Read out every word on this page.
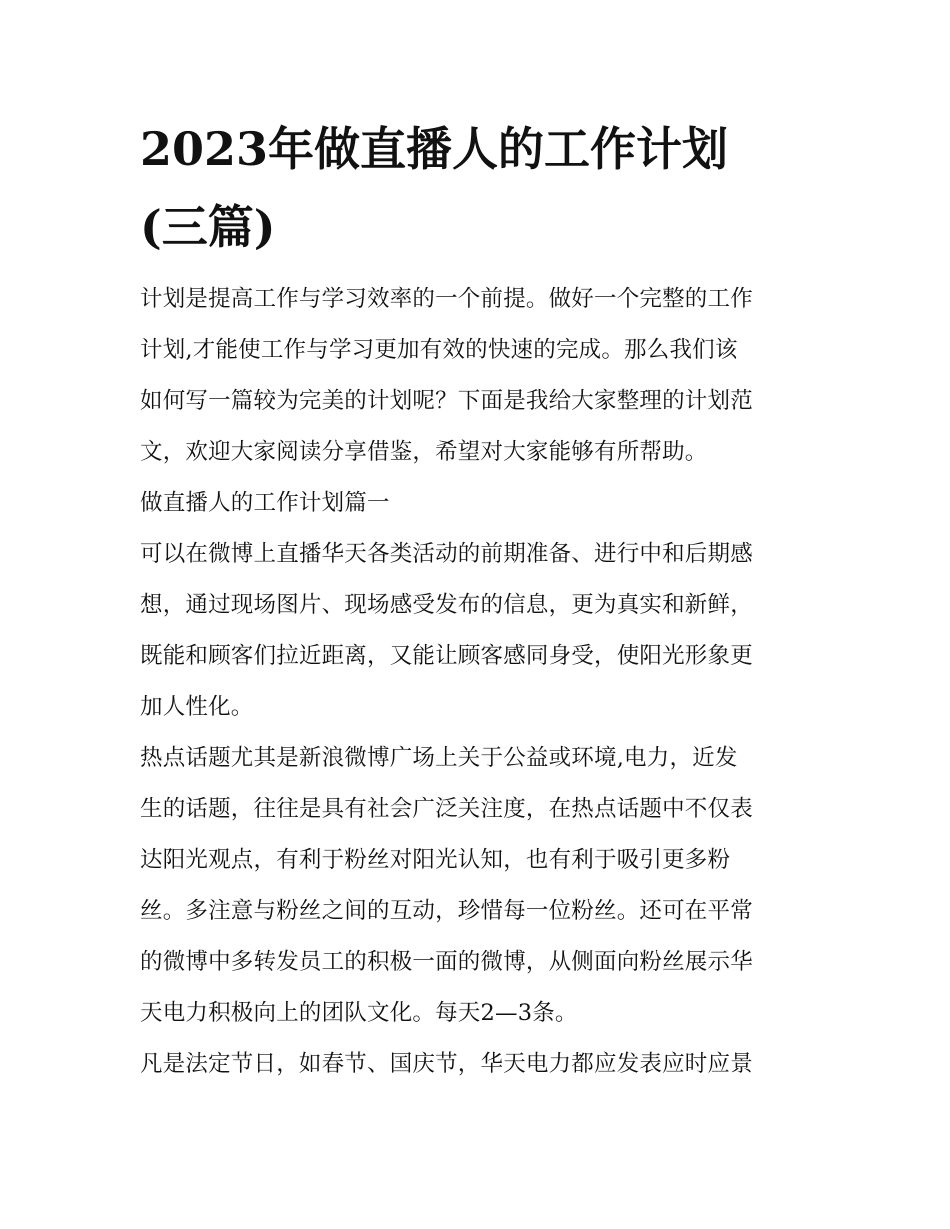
2023年做直播人的工作计划
(三篇)

计划是提高工作与学习效率的一个前提。做好一个完整的工作
计划,才能使工作与学习更加有效的快速的完成。那么我们该
如何写一篇较为完美的计划呢？下面是我给大家整理的计划范
文，欢迎大家阅读分享借鉴，希望对大家能够有所帮助。

做直播人的工作计划篇一

可以在微博上直播华天各类活动的前期准备、进行中和后期感
想，通过现场图片、现场感受发布的信息，更为真实和新鲜，
既能和顾客们拉近距离，又能让顾客感同身受，使阳光形象更
加人性化。

热点话题尤其是新浪微博广场上关于公益或环境,电力，近发
生的话题，往往是具有社会广泛关注度，在热点话题中不仅表
达阳光观点，有利于粉丝对阳光认知，也有利于吸引更多粉
丝。多注意与粉丝之间的互动，珍惜每一位粉丝。还可在平常
的微博中多转发员工的积极一面的微博，从侧面向粉丝展示华
天电力积极向上的团队文化。每天2—3条。

凡是法定节日，如春节、国庆节，华天电力都应发表应时应景
